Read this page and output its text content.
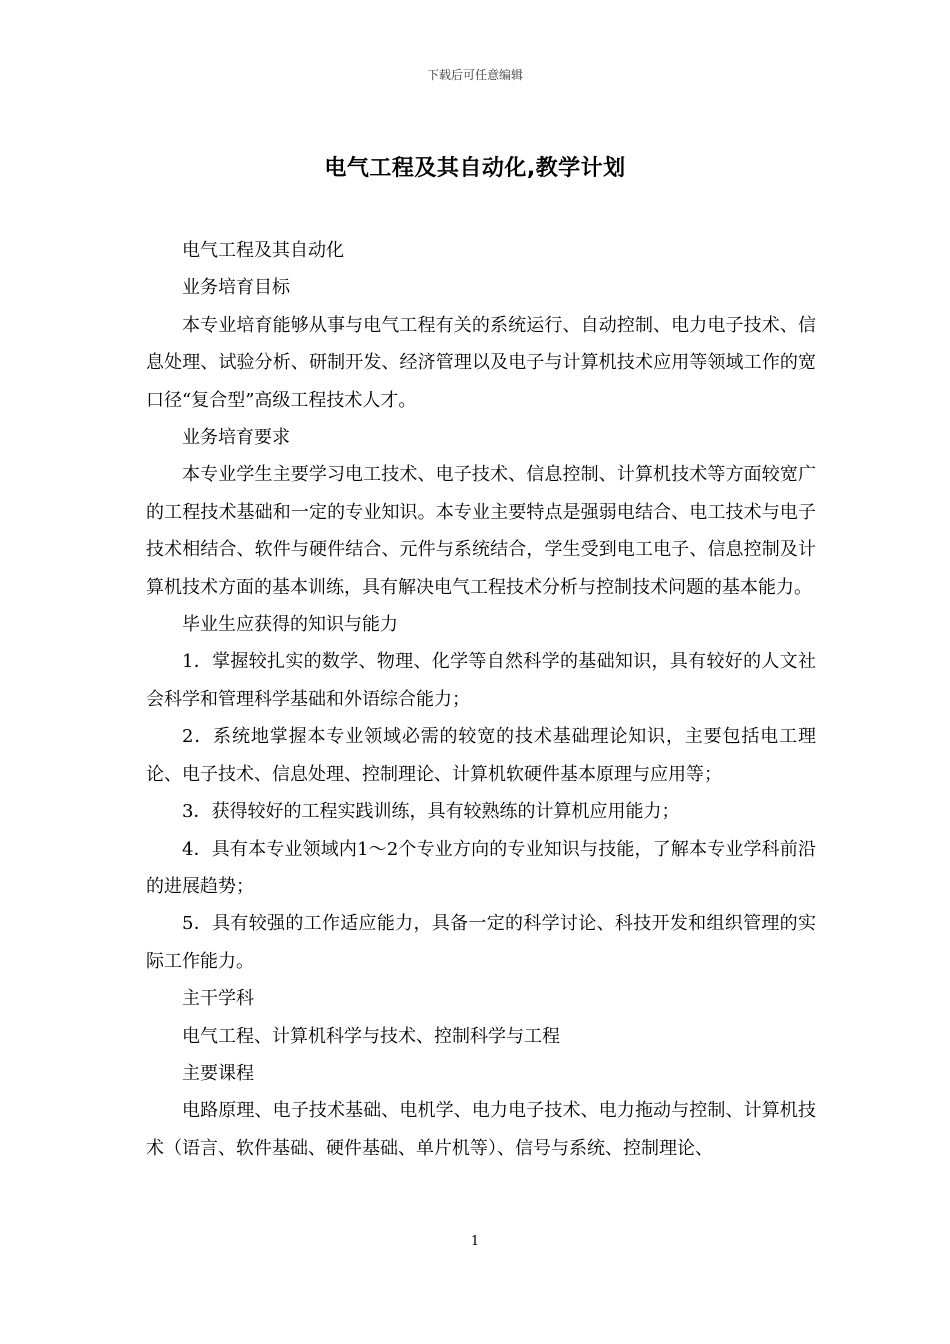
下载后可任意编辑
电气工程及其自动化,教学计划

电气工程及其自动化

业务培育目标

本专业培育能够从事与电气工程有关的系统运行、自动控制、电力电子技术、信息处理、试验分析、研制开发、经济管理以及电子与计算机技术应用等领域工作的宽口径“复合型”高级工程技术人才。

业务培育要求

本专业学生主要学习电工技术、电子技术、信息控制、计算机技术等方面较宽广的工程技术基础和一定的专业知识。本专业主要特点是强弱电结合、电工技术与电子技术相结合、软件与硬件结合、元件与系统结合，学生受到电工电子、信息控制及计算机技术方面的基本训练，具有解决电气工程技术分析与控制技术问题的基本能力。

毕业生应获得的知识与能力

1．掌握较扎实的数学、物理、化学等自然科学的基础知识，具有较好的人文社会科学和管理科学基础和外语综合能力；

2．系统地掌握本专业领域必需的较宽的技术基础理论知识，主要包括电工理论、电子技术、信息处理、控制理论、计算机软硬件基本原理与应用等；

3．获得较好的工程实践训练，具有较熟练的计算机应用能力；

4．具有本专业领域内1～2个专业方向的专业知识与技能，了解本专业学科前沿的进展趋势；

5．具有较强的工作适应能力，具备一定的科学讨论、科技开发和组织管理的实际工作能力。

主干学科

电气工程、计算机科学与技术、控制科学与工程

主要课程

电路原理、电子技术基础、电机学、电力电子技术、电力拖动与控制、计算机技术（语言、软件基础、硬件基础、单片机等）、信号与系统、控制理论、

1
